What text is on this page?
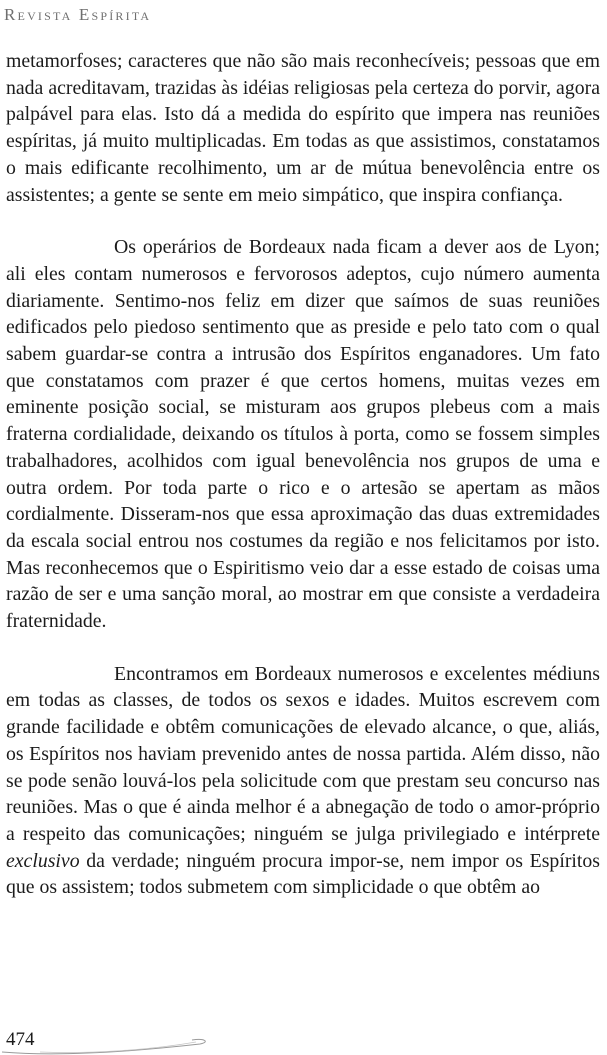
Revista Espírita

metamorfoses; caracteres que não são mais reconhecíveis; pessoas que em nada acreditavam, trazidas às idéias religiosas pela certeza do porvir, agora palpável para elas. Isto dá a medida do espírito que impera nas reuniões espíritas, já muito multiplicadas. Em todas as que assistimos, constatamos o mais edificante recolhimento, um ar de mútua benevolência entre os assistentes; a gente se sente em meio simpático, que inspira confiança.

Os operários de Bordeaux nada ficam a dever aos de Lyon; ali eles contam numerosos e fervorosos adeptos, cujo número aumenta diariamente. Sentimo-nos feliz em dizer que saímos de suas reuniões edificados pelo piedoso sentimento que as preside e pelo tato com o qual sabem guardar-se contra a intrusão dos Espíritos enganadores. Um fato que constatamos com prazer é que certos homens, muitas vezes em eminente posição social, se misturam aos grupos plebeus com a mais fraterna cordialidade, deixando os títulos à porta, como se fossem simples trabalhadores, acolhidos com igual benevolência nos grupos de uma e outra ordem. Por toda parte o rico e o artesão se apertam as mãos cordialmente. Disseram-nos que essa aproximação das duas extremidades da escala social entrou nos costumes da região e nos felicitamos por isto. Mas reconhecemos que o Espiritismo veio dar a esse estado de coisas uma razão de ser e uma sanção moral, ao mostrar em que consiste a verdadeira fraternidade.

Encontramos em Bordeaux numerosos e excelentes médiuns em todas as classes, de todos os sexos e idades. Muitos escrevem com grande facilidade e obtêm comunicações de elevado alcance, o que, aliás, os Espíritos nos haviam prevenido antes de nossa partida. Além disso, não se pode senão louvá-los pela solicitude com que prestam seu concurso nas reuniões. Mas o que é ainda melhor é a abnegação de todo o amor-próprio a respeito das comunicações; ninguém se julga privilegiado e intérprete exclusivo da verdade; ninguém procura impor-se, nem impor os Espíritos que os assistem; todos submetem com simplicidade o que obtêm ao

474
